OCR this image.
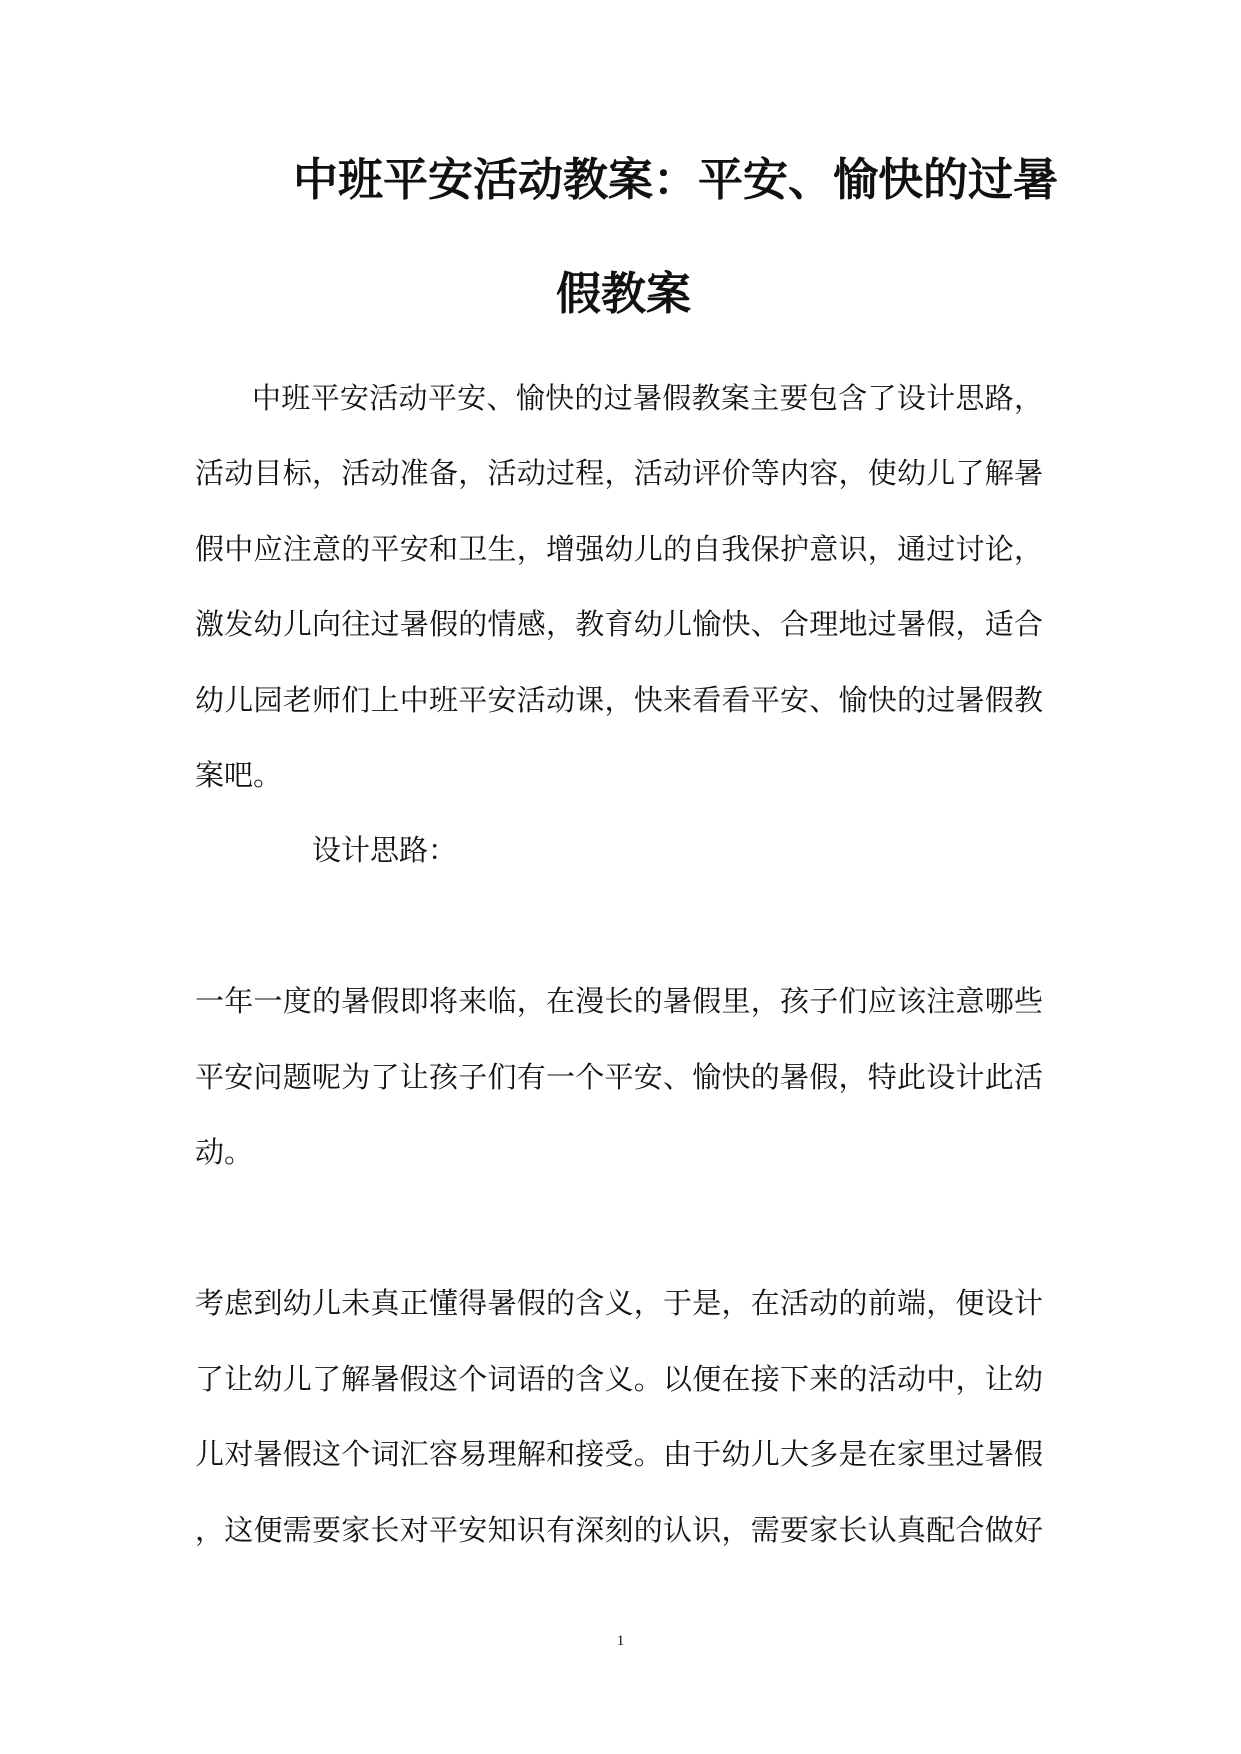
中班平安活动教案：平安、愉快的过暑
假教案
中班平安活动平安、愉快的过暑假教案主要包含了设计思路，
活动目标，活动准备，活动过程，活动评价等内容，使幼儿了解暑
假中应注意的平安和卫生，增强幼儿的自我保护意识，通过讨论，
激发幼儿向往过暑假的情感，教育幼儿愉快、合理地过暑假，适合
幼儿园老师们上中班平安活动课，快来看看平安、愉快的过暑假教
案吧。
设计思路：
一年一度的暑假即将来临，在漫长的暑假里，孩子们应该注意哪些
平安问题呢为了让孩子们有一个平安、愉快的暑假，特此设计此活
动。
考虑到幼儿未真正懂得暑假的含义，于是，在活动的前端，便设计
了让幼儿了解暑假这个词语的含义。以便在接下来的活动中，让幼
儿对暑假这个词汇容易理解和接受。由于幼儿大多是在家里过暑假
，这便需要家长对平安知识有深刻的认识，需要家长认真配合做好
1
